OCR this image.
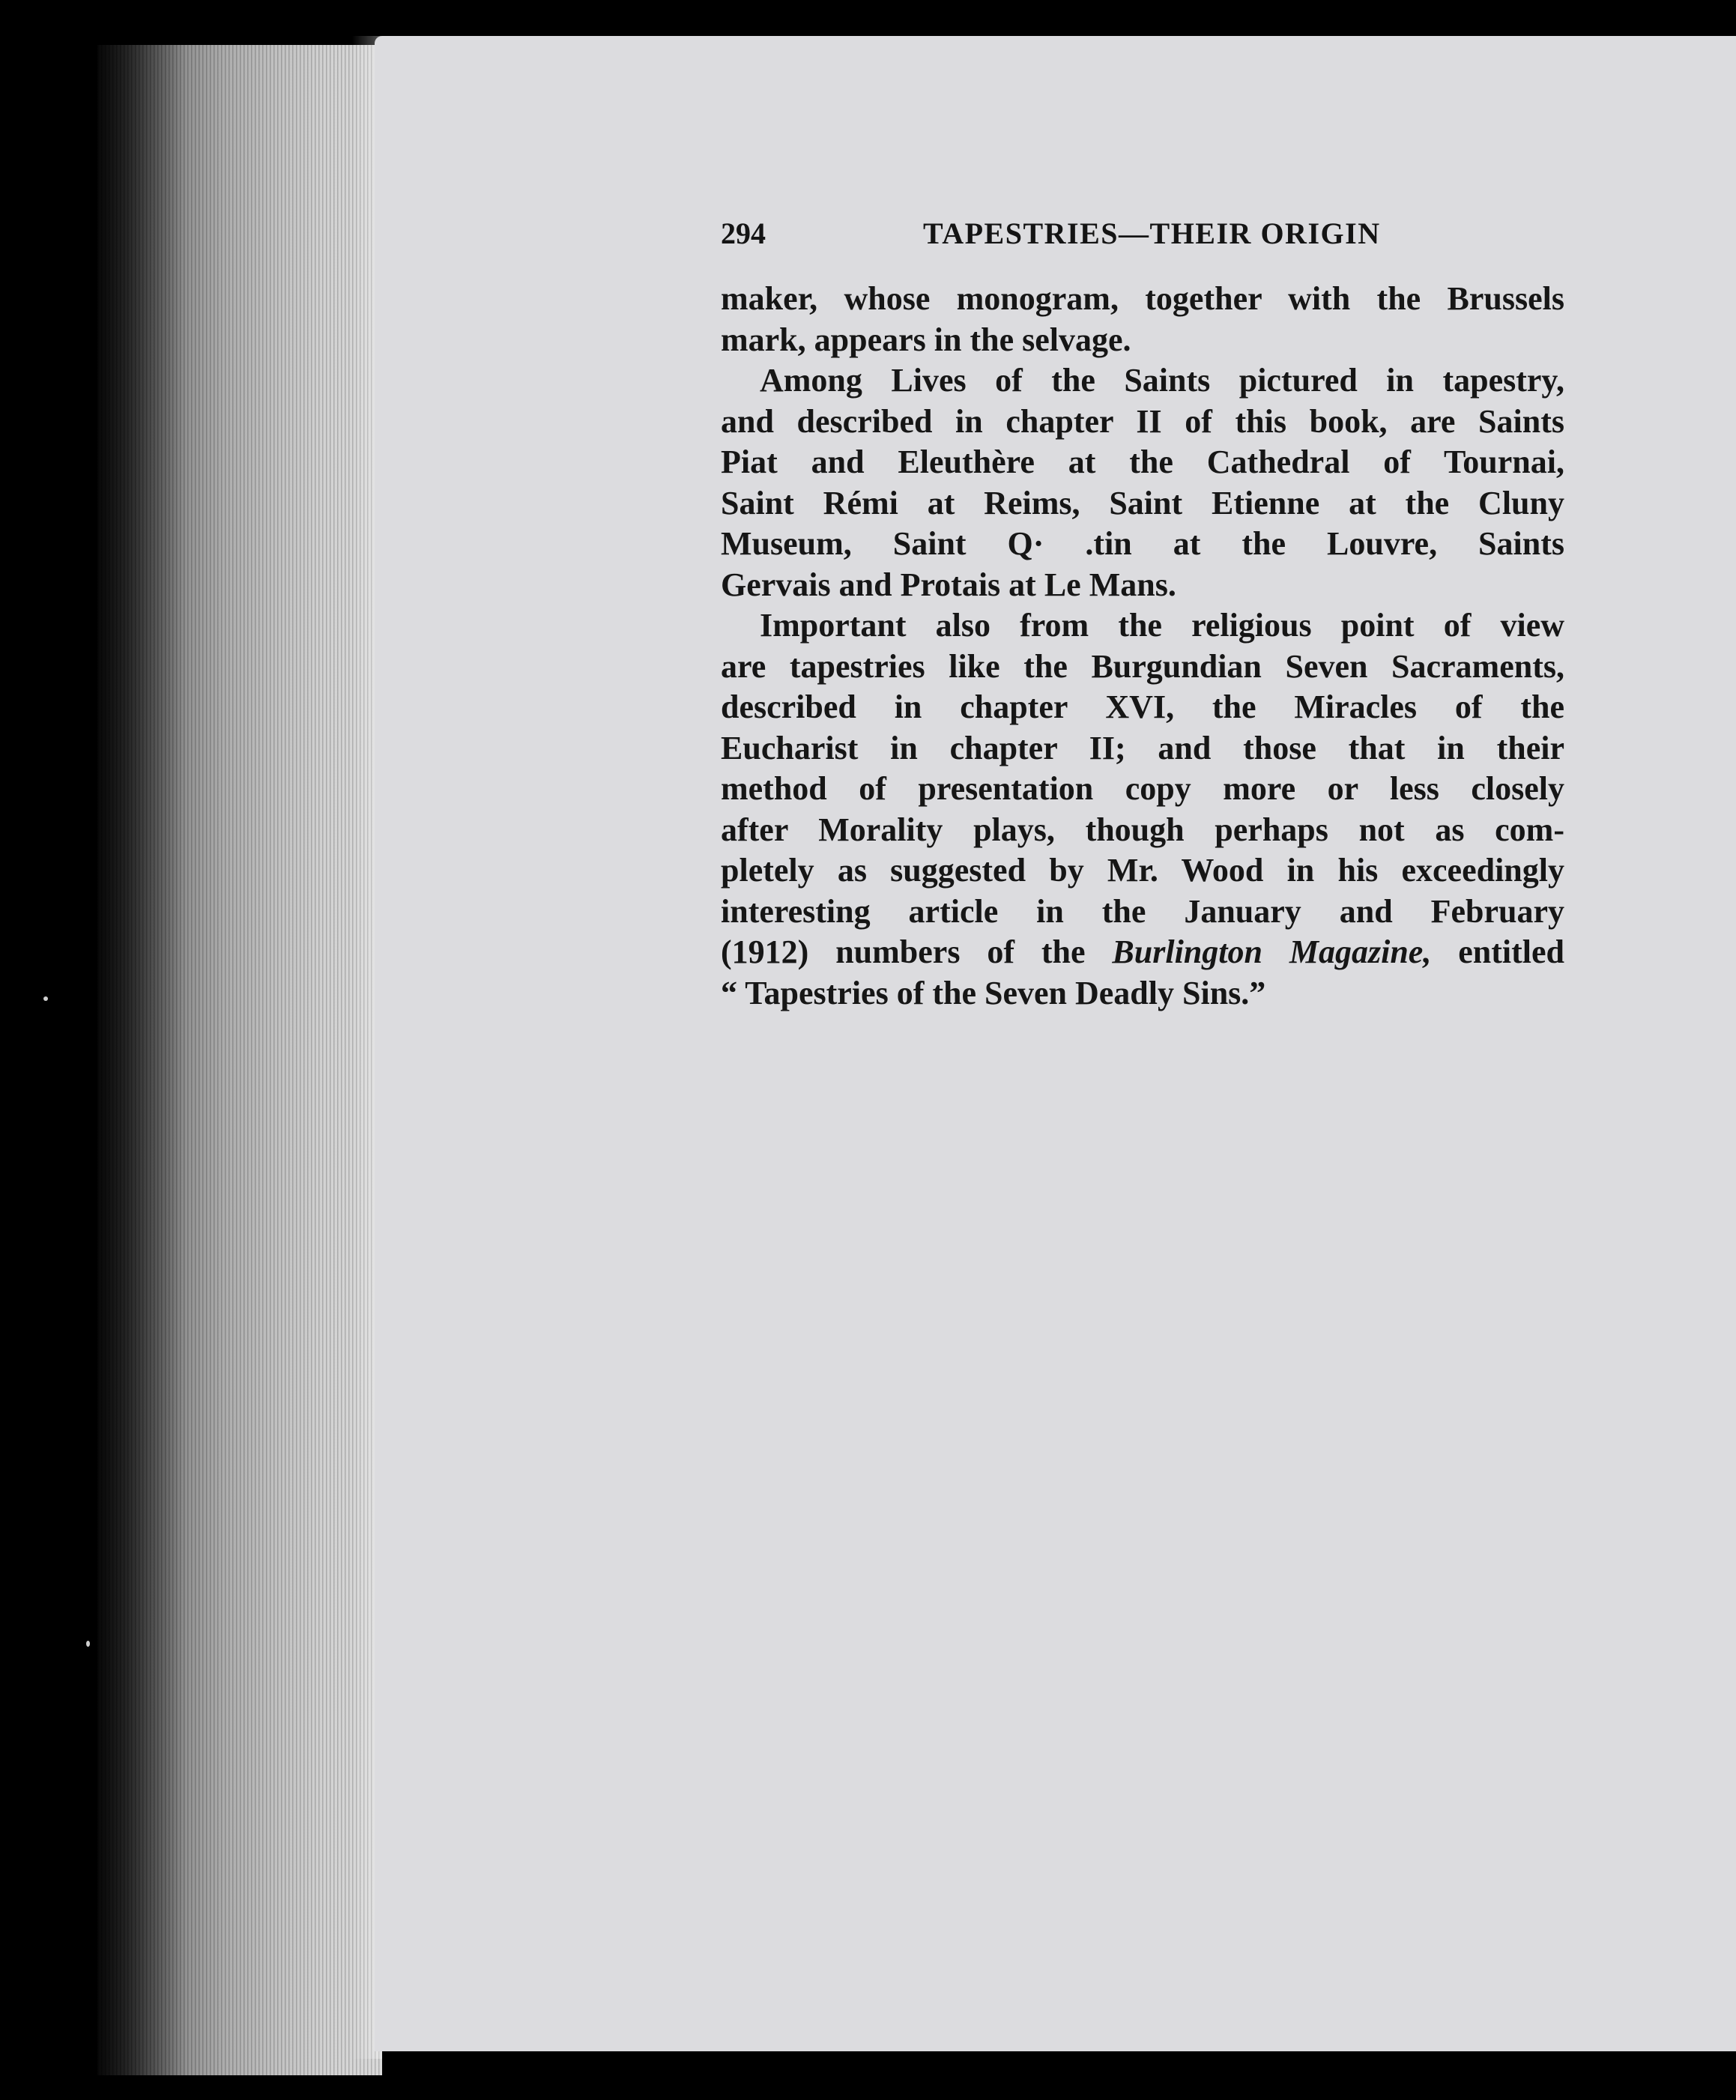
294	TAPESTRIES—THEIR ORIGIN
maker, whose monogram, together with the Brussels
mark, appears in the selvage.
Among Lives of the Saints pictured in tapestry,
and described in chapter II of this book, are Saints
Piat and Eleuthère at the Cathedral of Tournai,
Saint Rémi at Reims, Saint Etienne at the Cluny
Museum, Saint Q· .tin at the Louvre, Saints
Gervais and Protais at Le Mans.
Important also from the religious point of view
are tapestries like the Burgundian Seven Sacraments,
described in chapter XVI, the Miracles of the
Eucharist in chapter II; and those that in their
method of presentation copy more or less closely
after Morality plays, though perhaps not as com-
pletely as suggested by Mr. Wood in his exceedingly
interesting article in the January and February
(1912) numbers of the Burlington Magazine, entitled
“ Tapestries of the Seven Deadly Sins.”
